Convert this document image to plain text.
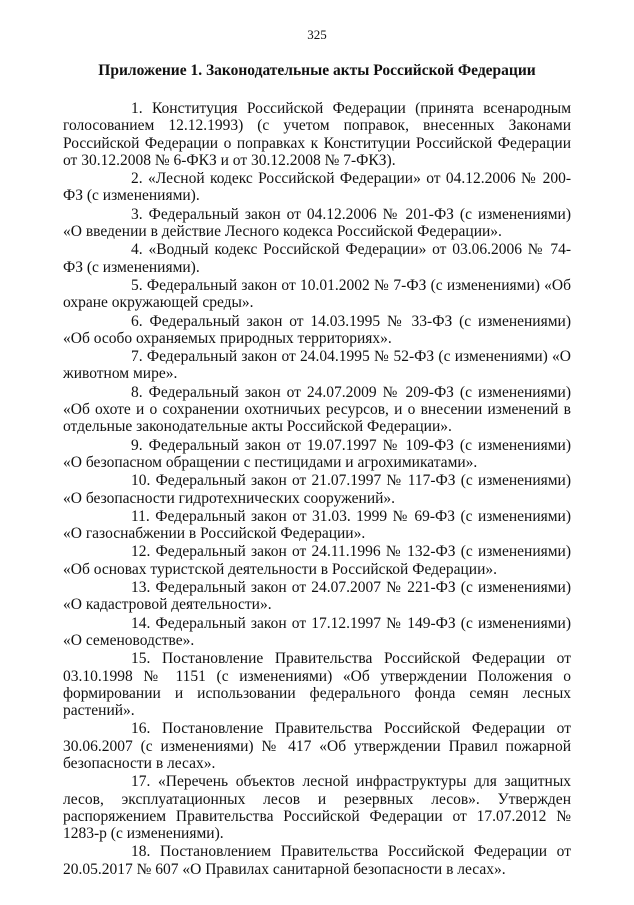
325
Приложение 1. Законодательные акты Российской Федерации

1. Конституция Российской Федерации (принята всенародным голосованием 12.12.1993) (с учетом поправок, внесенных Законами Российской Федерации о поправках к Конституции Российской Федерации от 30.12.2008 № 6-ФКЗ и от 30.12.2008 № 7-ФКЗ).

2. «Лесной кодекс Российской Федерации» от 04.12.2006 № 200-ФЗ (с изменениями).

3. Федеральный закон от 04.12.2006 № 201-ФЗ (с изменениями) «О введении в действие Лесного кодекса Российской Федерации».

4. «Водный кодекс Российской Федерации» от 03.06.2006 № 74-ФЗ (с изменениями).

5. Федеральный закон от 10.01.2002 № 7-ФЗ (с изменениями) «Об охране окружающей среды».

6. Федеральный закон от 14.03.1995 № 33-ФЗ (с изменениями) «Об особо охраняемых природных территориях».

7. Федеральный закон от 24.04.1995 № 52-ФЗ (с изменениями) «О животном мире».

8. Федеральный закон от 24.07.2009 № 209-ФЗ (с изменениями) «Об охоте и о сохранении охотничьих ресурсов, и о внесении изменений в отдельные законодательные акты Российской Федерации».

9. Федеральный закон от 19.07.1997 № 109-ФЗ (с изменениями) «О безопасном обращении с пестицидами и агрохимикатами».

10. Федеральный закон от 21.07.1997 № 117-ФЗ (с изменениями) «О безопасности гидротехнических сооружений».

11. Федеральный закон от 31.03. 1999 № 69-ФЗ (с изменениями) «О газоснабжении в Российской Федерации».

12. Федеральный закон от 24.11.1996 № 132-ФЗ (с изменениями) «Об основах туристской деятельности в Российской Федерации».

13. Федеральный закон от 24.07.2007 № 221-ФЗ (с изменениями) «О кадастровой деятельности».

14. Федеральный закон от 17.12.1997 № 149-ФЗ (с изменениями) «О семеноводстве».

15. Постановление Правительства Российской Федерации от 03.10.1998 № 1151 (с изменениями) «Об утверждении Положения о формировании и использовании федерального фонда семян лесных растений».

16. Постановление Правительства Российской Федерации от 30.06.2007 (с изменениями) № 417 «Об утверждении Правил пожарной безопасности в лесах».

17. «Перечень объектов лесной инфраструктуры для защитных лесов, эксплуатационных лесов и резервных лесов». Утвержден распоряжением Правительства Российской Федерации от 17.07.2012 № 1283-р (с изменениями).

18. Постановлением Правительства Российской Федерации от 20.05.2017 № 607 «О Правилах санитарной безопасности в лесах».
